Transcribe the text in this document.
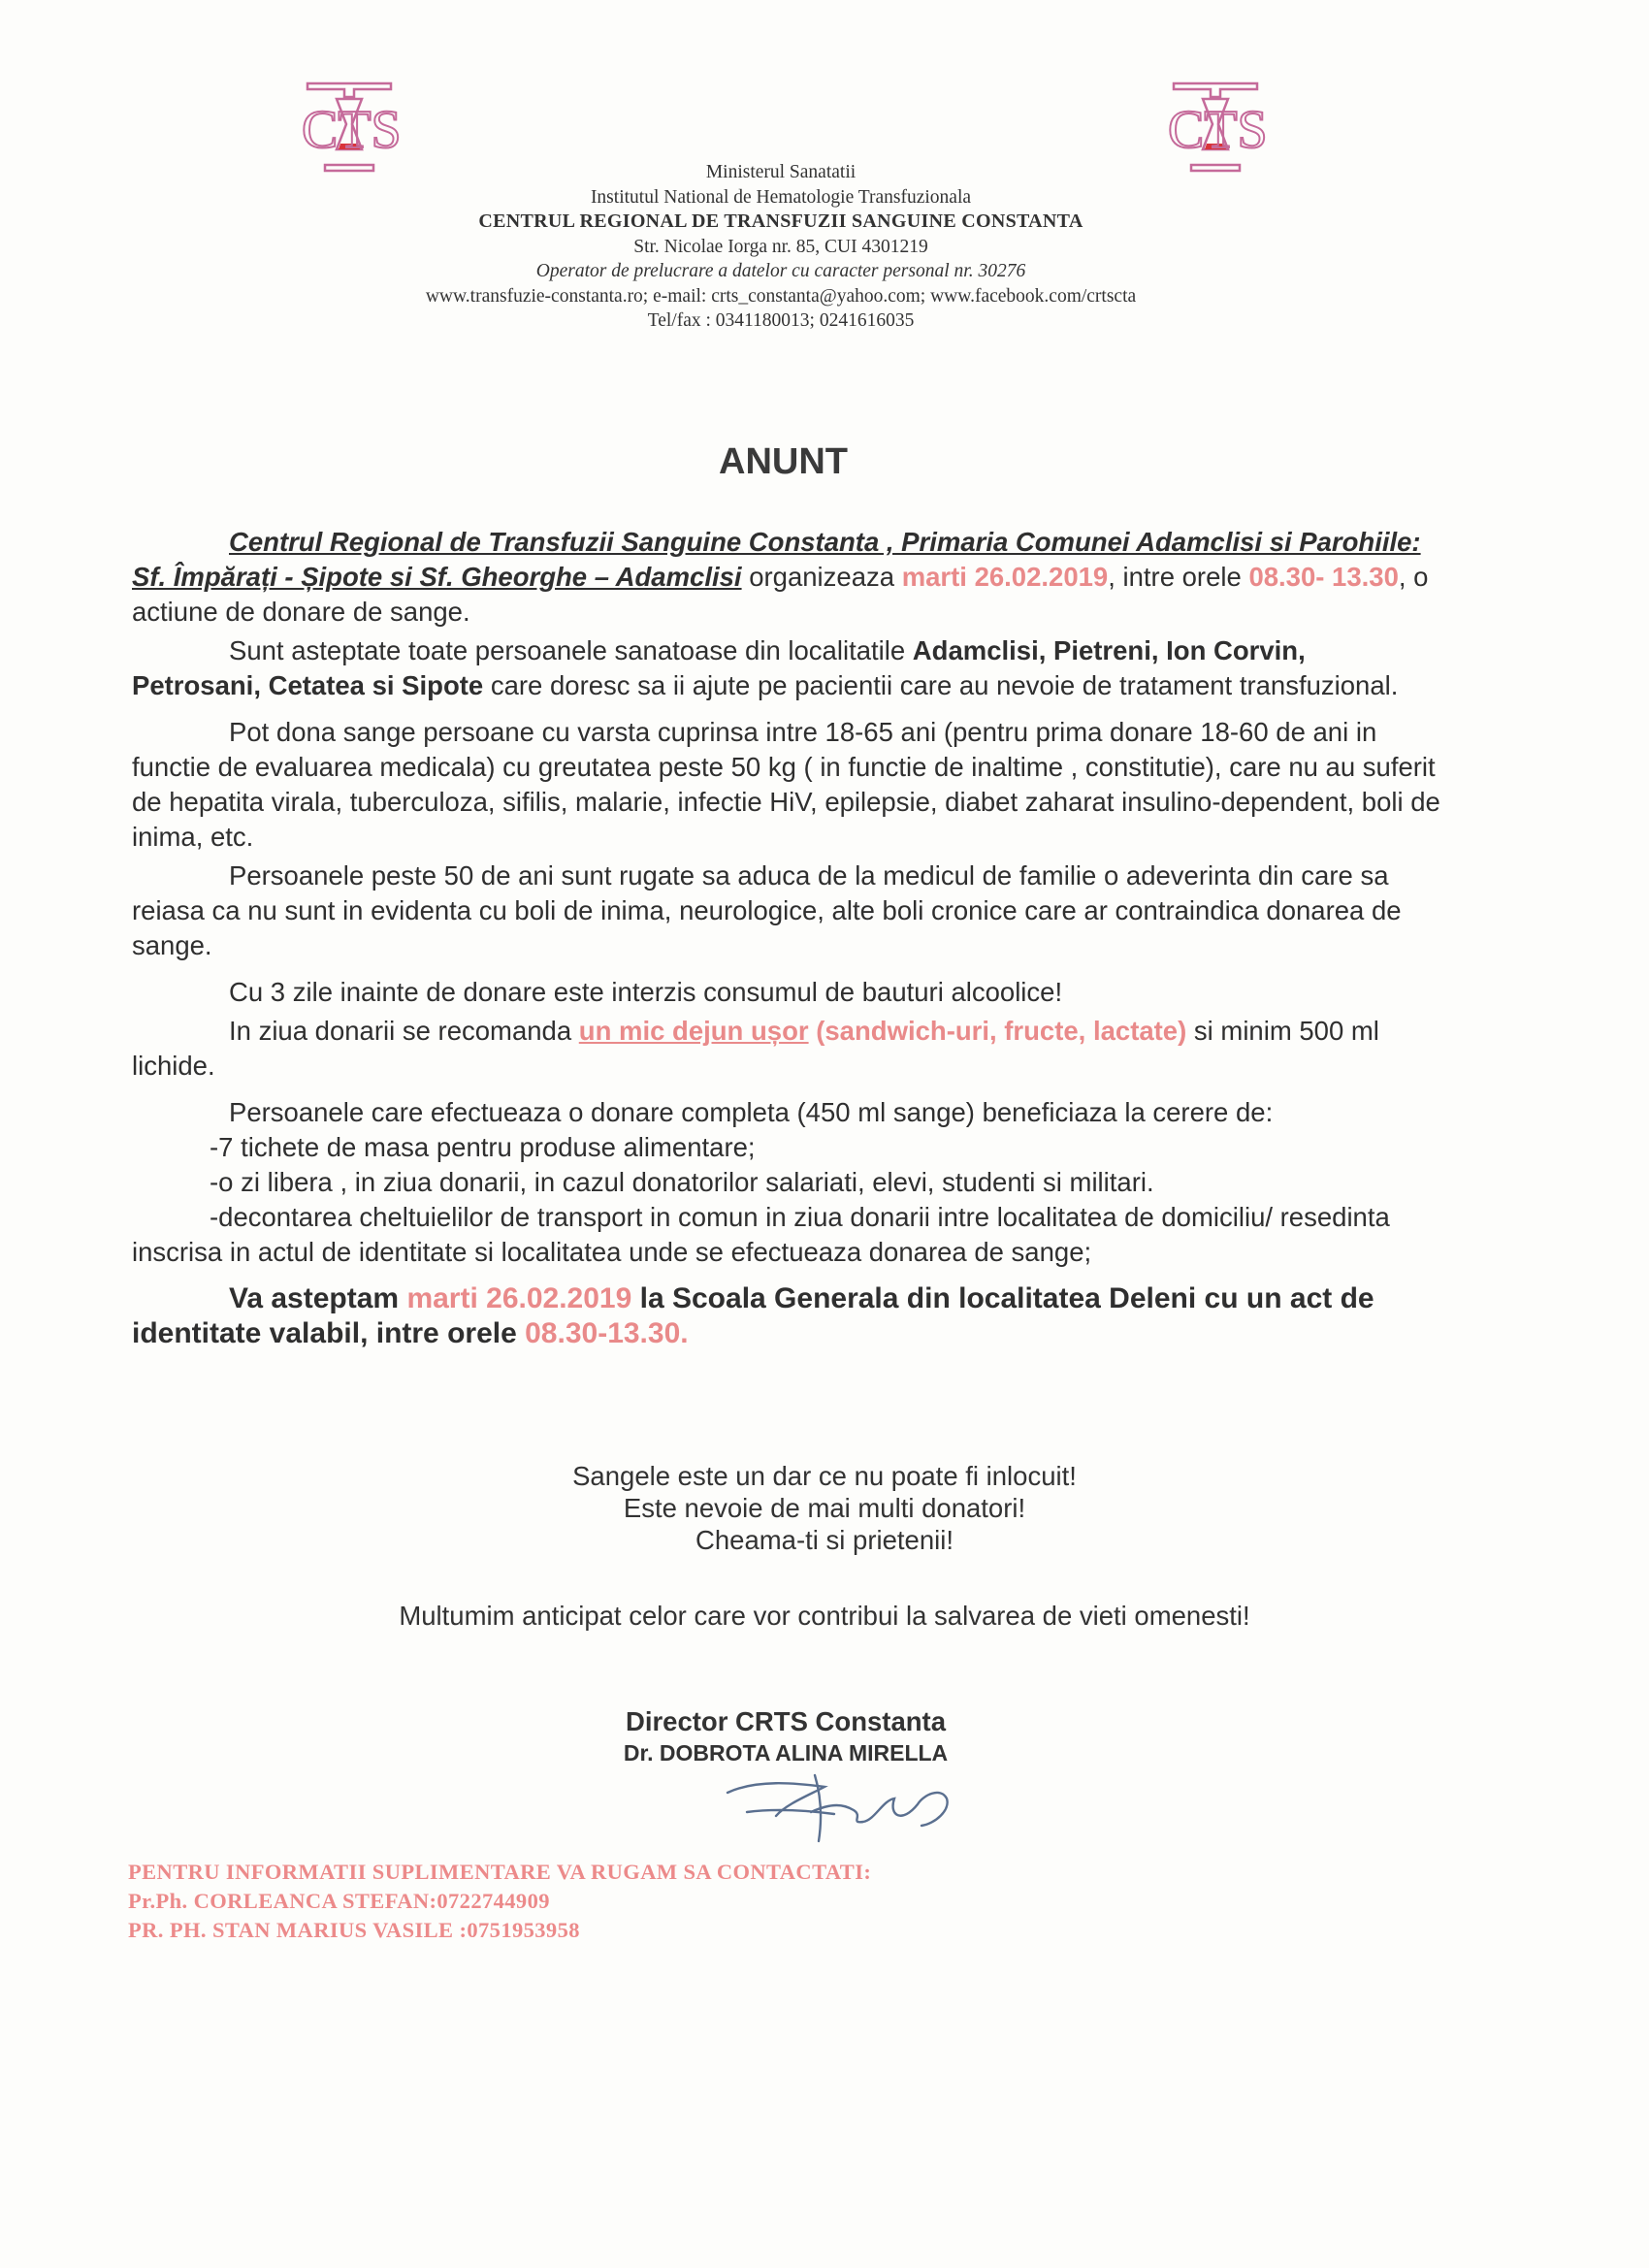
CTS	CTS
Ministerul Sanatatii
Institutul National de Hematologie Transfuzionala
CENTRUL REGIONAL DE TRANSFUZII SANGUINE CONSTANTA
Str. Nicolae Iorga nr. 85, CUI 4301219
Operator de prelucrare a datelor cu caracter personal nr. 30276
www.transfuzie-constanta.ro; e-mail: crts_constanta@yahoo.com; www.facebook.com/crtscta
Tel/fax : 0341180013; 0241616035
ANUNT

Centrul Regional de Transfuzii Sanguine Constanta , Primaria Comunei Adamclisi si Parohiile: Sf. Împărați - Șipote si Sf. Gheorghe – Adamclisi organizeaza marti 26.02.2019, intre orele 08.30- 13.30, o actiune de donare de sange.

Sunt asteptate toate persoanele sanatoase din localitatile Adamclisi, Pietreni, Ion Corvin, Petrosani, Cetatea si Sipote care doresc sa ii ajute pe pacientii care au nevoie de tratament transfuzional.

Pot dona sange persoane cu varsta cuprinsa intre 18-65 ani (pentru prima donare 18-60 de ani in functie de evaluarea medicala) cu greutatea peste 50 kg ( in functie de inaltime , constitutie), care nu au suferit de hepatita virala, tuberculoza, sifilis, malarie, infectie HiV, epilepsie, diabet zaharat insulino-dependent, boli de inima, etc.

Persoanele peste 50 de ani sunt rugate sa aduca de la medicul de familie o adeverinta din care sa reiasa ca nu sunt in evidenta cu boli de inima, neurologice, alte boli cronice care ar contraindica donarea de sange.

Cu 3 zile inainte de donare este interzis consumul de bauturi alcoolice!

In ziua donarii se recomanda un mic dejun ușor (sandwich-uri, fructe, lactate) si minim 500 ml lichide.

Persoanele care efectueaza o donare completa (450 ml sange) beneficiaza la cerere de:

-7 tichete de masa pentru produse alimentare;

-o zi libera , in ziua donarii, in cazul donatorilor salariati, elevi, studenti si militari.

-decontarea cheltuielilor de transport in comun in ziua donarii intre localitatea de domiciliu/ resedinta inscrisa in actul de identitate si localitatea unde se efectueaza donarea de sange;

Va asteptam marti 26.02.2019 la Scoala Generala din localitatea Deleni cu un act de identitate valabil, intre orele 08.30-13.30.

Sangele este un dar ce nu poate fi inlocuit!
Este nevoie de mai multi donatori!
Cheama-ti si prietenii!
Multumim anticipat celor care vor contribui la salvarea de vieti omenesti!
Director CRTS Constanta
Dr. DOBROTA ALINA MIRELLA
PENTRU INFORMATII SUPLIMENTARE VA RUGAM SA CONTACTATI:
Pr.Ph. CORLEANCA STEFAN:0722744909
PR. PH. STAN MARIUS VASILE :0751953958
